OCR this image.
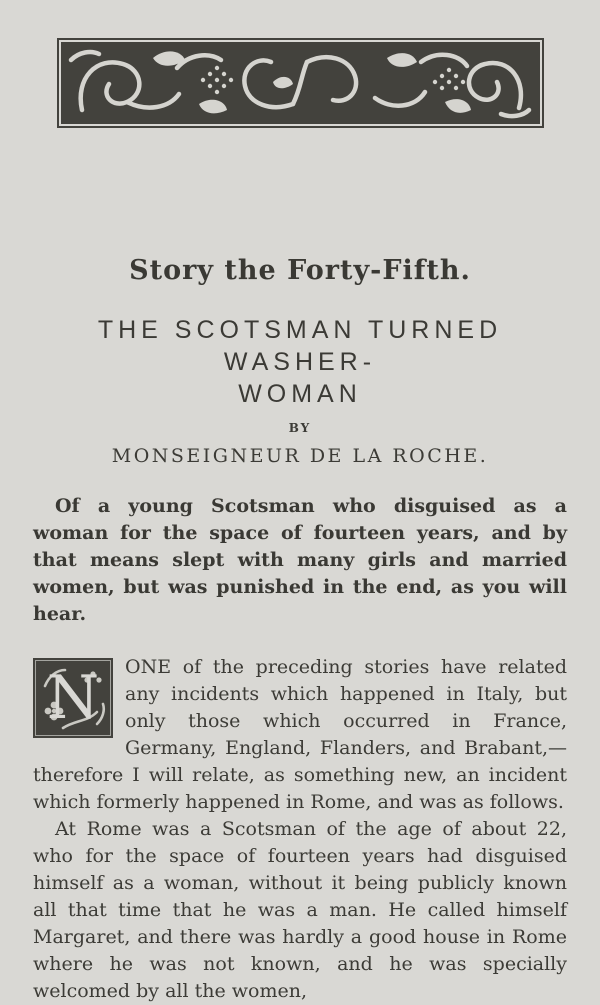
Story the Forty-Fifth.
THE SCOTSMAN TURNED WASHER-
WOMAN
BY
MONSEIGNEUR DE LA ROCHE.

Of a young Scotsman who disguised as a woman for the space of fourteen years, and by that means slept with many girls and married women, but was punished in the end, as you will hear.

N ONE of the preceding stories have related any incidents which happened in Italy, but only those which occurred in France, Germany, England, Flanders, and Brabant,—therefore I will relate, as something new, an incident which formerly happened in Rome, and was as follows.

At Rome was a Scotsman of the age of about 22, who for the space of fourteen years had disguised himself as a woman, without it being publicly known all that time that he was a man. He called himself Margaret, and there was hardly a good house in Rome where he was not known, and he was specially welcomed by all the women,
